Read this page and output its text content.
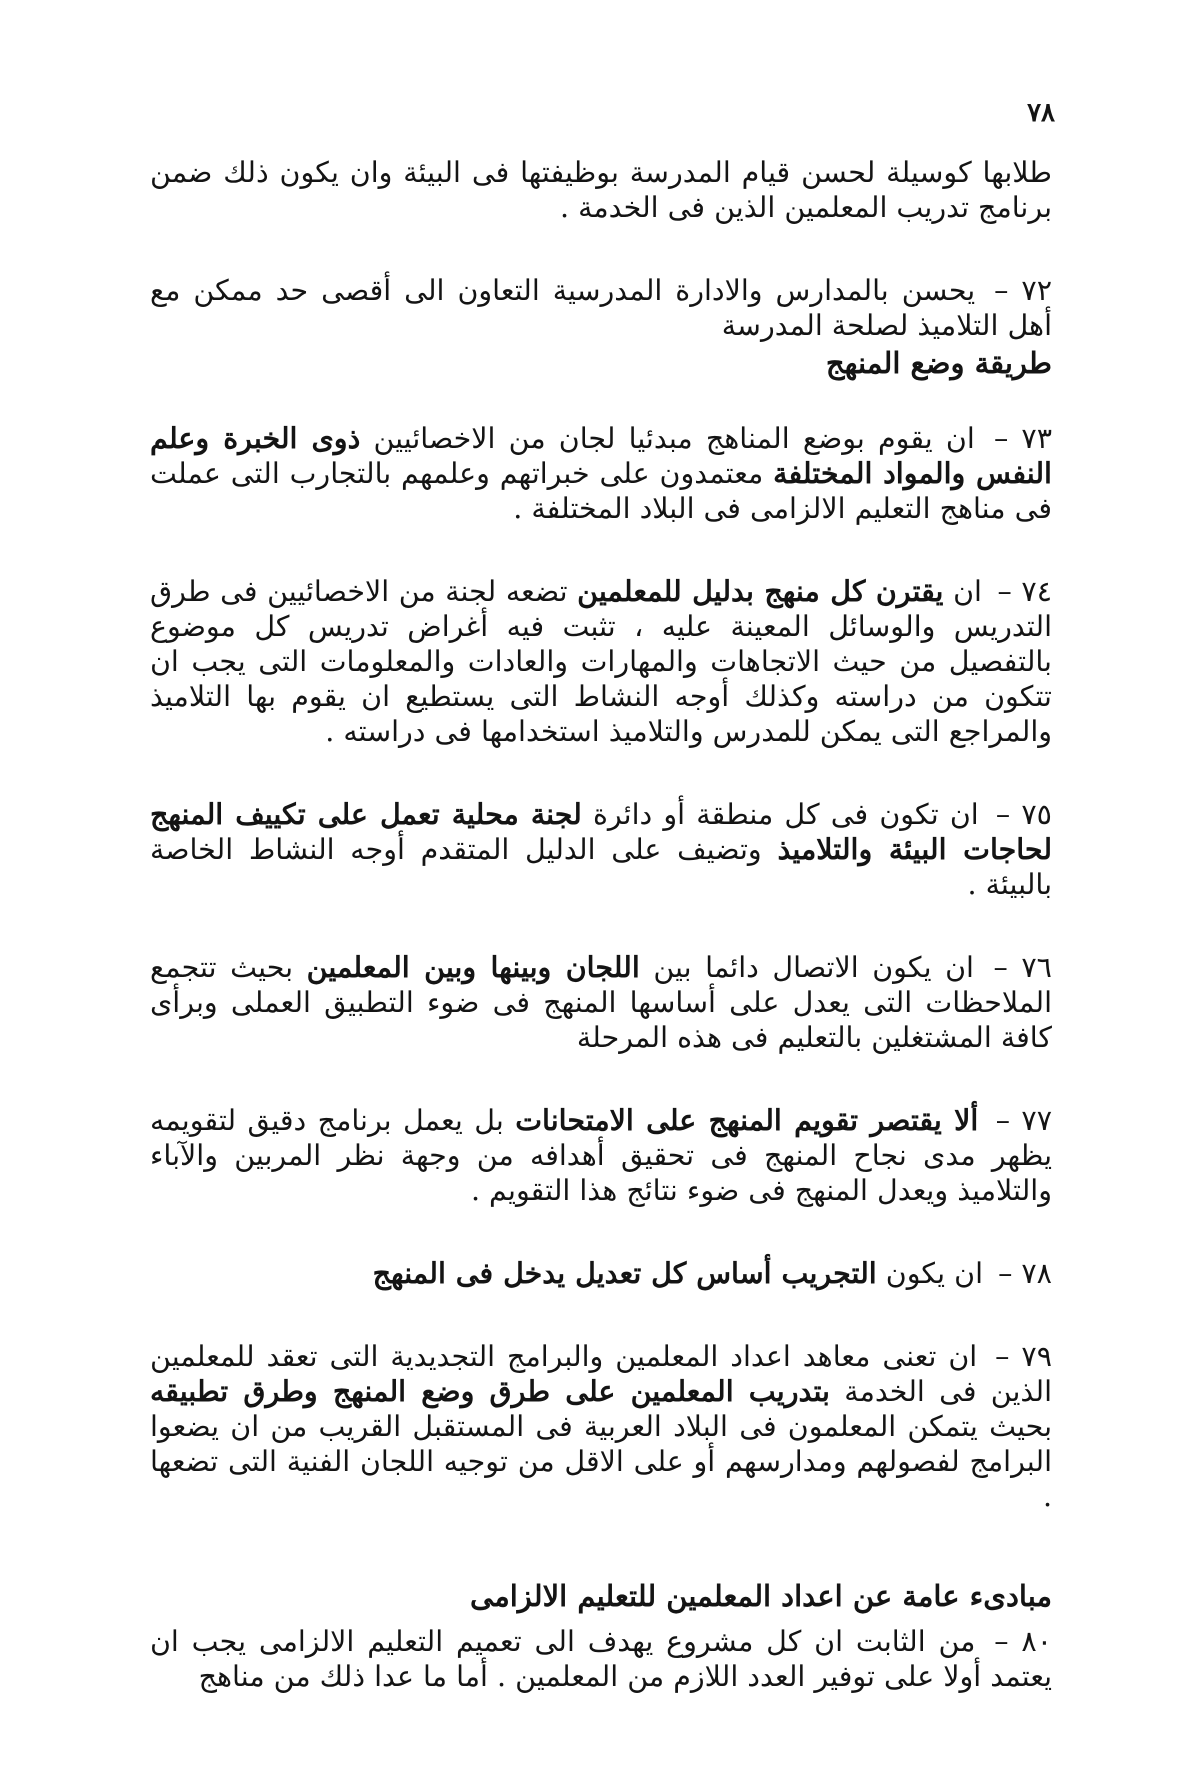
٧٨

طلابها كوسيلة لحسن قيام المدرسة بوظيفتها فى البيئة وان يكون ذلك ضمن برنامج تدريب المعلمين الذين فى الخدمة .

٧٢ – يحسن بالمدارس والادارة المدرسية التعاون الى أقصى حد ممكن مع أهل التلاميذ لصلحة المدرسة

طريقة وضع المنهج

٧٣ – ان يقوم بوضع المناهج مبدئيا لجان من الاخصائيين ذوى الخبرة وعلم النفس والمواد المختلفة معتمدون على خبراتهم وعلمهم بالتجارب التى عملت فى مناهج التعليم الالزامى فى البلاد المختلفة .

٧٤ – ان يقترن كل منهج بدليل للمعلمين تضعه لجنة من الاخصائيين فى طرق التدريس والوسائل المعينة عليه ، تثبت فيه أغراض تدريس كل موضوع بالتفصيل من حيث الاتجاهات والمهارات والعادات والمعلومات التى يجب ان تتكون من دراسته وكذلك أوجه النشاط التى يستطيع ان يقوم بها التلاميذ والمراجع التى يمكن للمدرس والتلاميذ استخدامها فى دراسته .

٧٥ – ان تكون فى كل منطقة أو دائرة لجنة محلية تعمل على تكييف المنهج لحاجات البيئة والتلاميذ وتضيف على الدليل المتقدم أوجه النشاط الخاصة بالبيئة .

٧٦ – ان يكون الاتصال دائما بين اللجان وبينها وبين المعلمين بحيث تتجمع الملاحظات التى يعدل على أساسها المنهج فى ضوء التطبيق العملى وبرأى كافة المشتغلين بالتعليم فى هذه المرحلة

٧٧ – ألا يقتصر تقويم المنهج على الامتحانات بل يعمل برنامج دقيق لتقويمه يظهر مدى نجاح المنهج فى تحقيق أهدافه من وجهة نظر المربين والآباء والتلاميذ ويعدل المنهج فى ضوء نتائج هذا التقويم .

٧٨ – ان يكون التجريب أساس كل تعديل يدخل فى المنهج

٧٩ – ان تعنى معاهد اعداد المعلمين والبرامج التجديدية التى تعقد للمعلمين الذين فى الخدمة بتدريب المعلمين على طرق وضع المنهج وطرق تطبيقه بحيث يتمكن المعلمون فى البلاد العربية فى المستقبل القريب من ان يضعوا البرامج لفصولهم ومدارسهم أو على الاقل من توجيه اللجان الفنية التى تضعها .

مبادىء عامة عن اعداد المعلمين للتعليم الالزامى

٨٠ – من الثابت ان كل مشروع يهدف الى تعميم التعليم الالزامى يجب ان يعتمد أولا على توفير العدد اللازم من المعلمين . أما ما عدا ذلك من مناهج
